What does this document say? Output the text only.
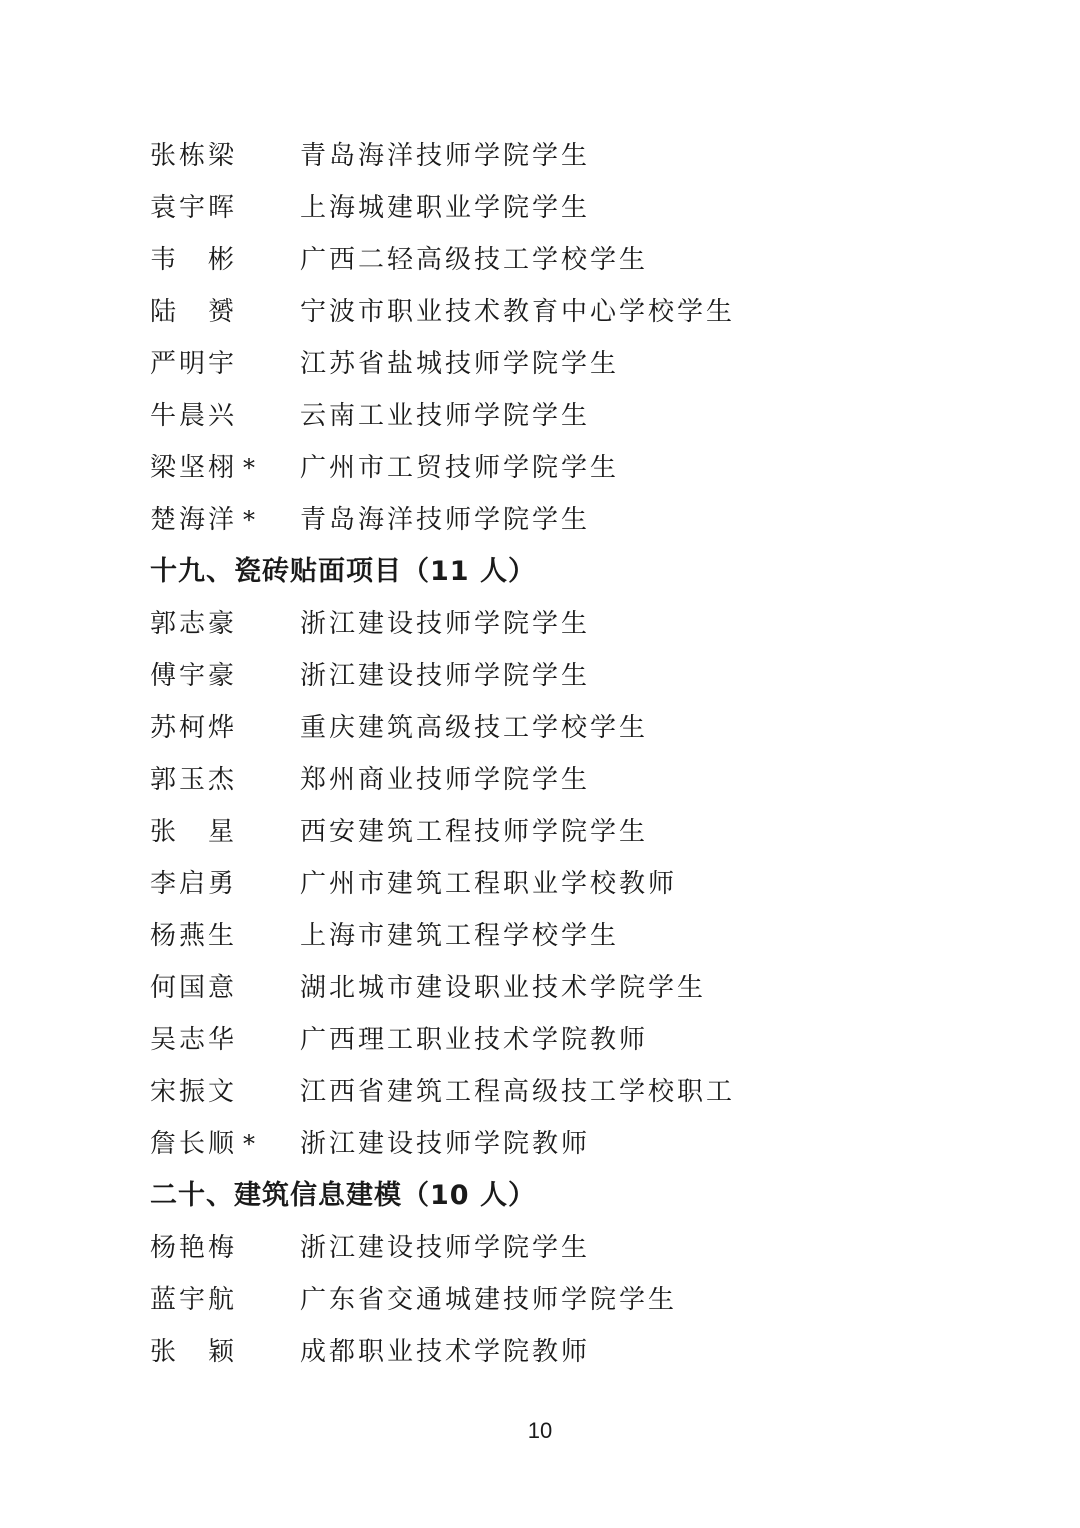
张栋梁 青岛海洋技师学院学生
袁宇晖 上海城建职业学院学生
韦彬 广西二轻高级技工学校学生
陆赟 宁波市职业技术教育中心学校学生
严明宇 江苏省盐城技师学院学生
牛晨兴 云南工业技师学院学生
梁坚栩 * 广州市工贸技师学院学生
楚海洋 * 青岛海洋技师学院学生
十九、瓷砖贴面项目（11 人）
郭志豪 浙江建设技师学院学生
傅宇豪 浙江建设技师学院学生
苏柯烨 重庆建筑高级技工学校学生
郭玉杰 郑州商业技师学院学生
张星 西安建筑工程技师学院学生
李启勇 广州市建筑工程职业学校教师
杨燕生 上海市建筑工程学校学生
何国意 湖北城市建设职业技术学院学生
吴志华 广西理工职业技术学院教师
宋振文 江西省建筑工程高级技工学校职工
詹长顺 * 浙江建设技师学院教师
二十、建筑信息建模（10 人）
杨艳梅 浙江建设技师学院学生
蓝宇航 广东省交通城建技师学院学生
张颖 成都职业技术学院教师
10
